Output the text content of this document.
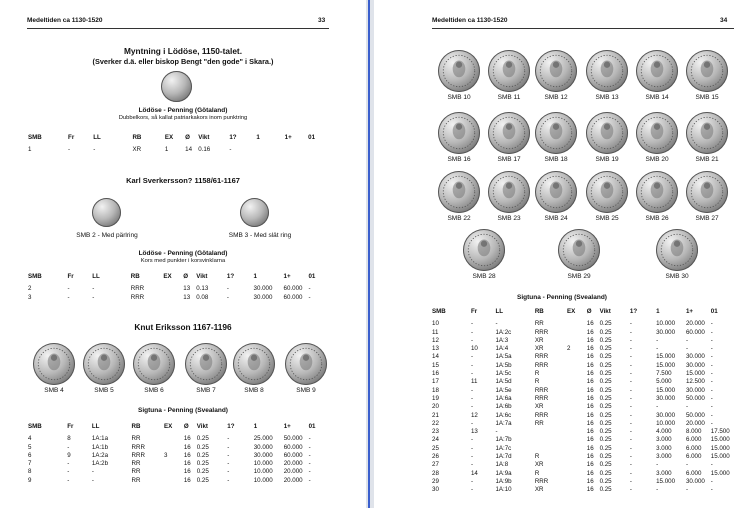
Medeltiden ca 1130-1520	33
Myntning i Lödöse, 1150-talet.
(Sverker d.ä. eller biskop Bengt "den gode" i Skara.)
Lödöse - Penning (Götaland)
Dubbelkors, så kallat patriarkakors inom punktring
SMB	Fr	LL	RB	EX	Ø	Vikt	1?	1	1+	01

1	-	-	XR	1	14	0.16	-			
Karl Sverkersson? 1158/61-1167
SMB 2 - Med pärlring	SMB 3 - Med slät ring
Lödöse - Penning (Götaland)
Kors med punkter i korsvinklarna
SMB	Fr	LL	RB	EX	Ø	Vikt	1?	1	1+	01

2	-	-	RRR		13	0.13	-	30.000	60.000	-
3	-	-	RRR		13	0.08	-	30.000	60.000	-
Knut Eriksson 1167-1196
Sigtuna - Penning (Svealand)
SMB	Fr	LL	RB	EX	Ø	Vikt	1?	1	1+	01

4	8	1A:1a	RR		16	0.25	-	25.000	50.000	-
5	-	1A:1b	RRR		16	0.25	-	30.000	60.000	-
6	9	1A:2a	RRR	3	16	0.25	-	30.000	60.000	-
7	-	1A:2b	RR		16	0.25	-	10.000	20.000	-
8	-	-	RR		16	0.25	-	10.000	20.000	-
9	-	-	RR		16	0.25	-	10.000	20.000	-
SMB 4	SMB 5	SMB 6	SMB 7	SMB 8	SMB 9
Medeltiden ca 1130-1520	34
Sigtuna - Penning (Svealand)
SMB	Fr	LL	RB	EX	Ø	Vikt	1?	1	1+	01

10	-	-	RR		16	0.25	-	10.000	20.000	-
11	-	1A:2c	RRR		16	0.25	-	30.000	60.000	-
12	-	1A:3	XR		16	0.25	-	-	-	-
13	10	1A:4	XR	2	16	0.25	-	-	-	-
14	-	1A:5a	RRR		16	0.25	-	15.000	30.000	-
15	-	1A:5b	RRR		16	0.25	-	15.000	30.000	-
16	-	1A:5c	R		16	0.25	-	7.500	15.000	-
17	11	1A:5d	R		16	0.25	-	5.000	12.500	-
18	-	1A:5e	RRR		16	0.25	-	15.000	30.000	-
19	-	1A:6a	RRR		16	0.25	-	30.000	50.000	-
20	-	1A:6b	XR		16	0.25	-	-	-	-
21	12	1A:6c	RRR		16	0.25	-	30.000	50.000	-
22	-	1A:7a	RR		16	0.25	-	10.000	20.000	-
23	13	-			16	0.25	-	4.000	8.000	17.500
24	-	1A:7b			16	0.25	-	3.000	6.000	15.000
25	-	1A:7c			16	0.25	-	3.000	6.000	15.000
26	-	1A:7d	R		16	0.25	-	3.000	6.000	15.000
27	-	1A:8	XR		16	0.25	-	-	-	-
28	14	1A:9a	R		16	0.25	-	3.000	6.000	15.000
29	-	1A:9b	RRR		16	0.25	-	15.000	30.000	-
30	-	1A:10	XR		16	0.25	-	-	-	-
SMB 10	SMB 11	SMB 12	SMB 13	SMB 14	SMB 15
SMB 16	SMB 17	SMB 18	SMB 19	SMB 20	SMB 21
SMB 22	SMB 23	SMB 24	SMB 25	SMB 26	SMB 27
SMB 28	SMB 29	SMB 30
